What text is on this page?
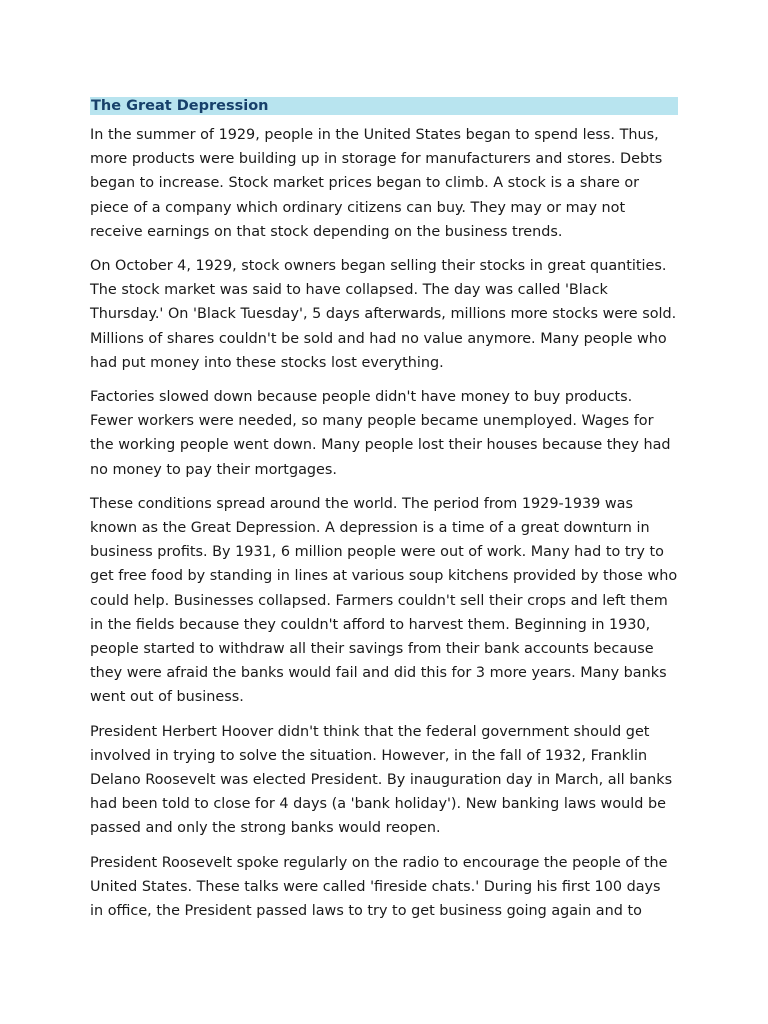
The Great Depression

In the summer of 1929, people in the United States began to spend less. Thus, more products were building up in storage for manufacturers and stores. Debts began to increase. Stock market prices began to climb. A stock is a share or piece of a company which ordinary citizens can buy. They may or may not receive earnings on that stock depending on the business trends.

On October 4, 1929, stock owners began selling their stocks in great quantities. The stock market was said to have collapsed. The day was called 'Black Thursday.' On 'Black Tuesday', 5 days afterwards, millions more stocks were sold. Millions of shares couldn't be sold and had no value anymore. Many people who had put money into these stocks lost everything.

Factories slowed down because people didn't have money to buy products. Fewer workers were needed, so many people became unemployed. Wages for the working people went down. Many people lost their houses because they had no money to pay their mortgages.

These conditions spread around the world. The period from 1929-1939 was known as the Great Depression. A depression is a time of a great downturn in business profits. By 1931, 6 million people were out of work. Many had to try to get free food by standing in lines at various soup kitchens provided by those who could help. Businesses collapsed. Farmers couldn't sell their crops and left them in the fields because they couldn't afford to harvest them. Beginning in 1930, people started to withdraw all their savings from their bank accounts because they were afraid the banks would fail and did this for 3 more years. Many banks went out of business.

President Herbert Hoover didn't think that the federal government should get involved in trying to solve the situation. However, in the fall of 1932, Franklin Delano Roosevelt was elected President. By inauguration day in March, all banks had been told to close for 4 days (a 'bank holiday'). New banking laws would be passed and only the strong banks would reopen.

President Roosevelt spoke regularly on the radio to encourage the people of the United States. These talks were called 'fireside chats.' During his first 100 days in office, the President passed laws to try to get business going again and to
